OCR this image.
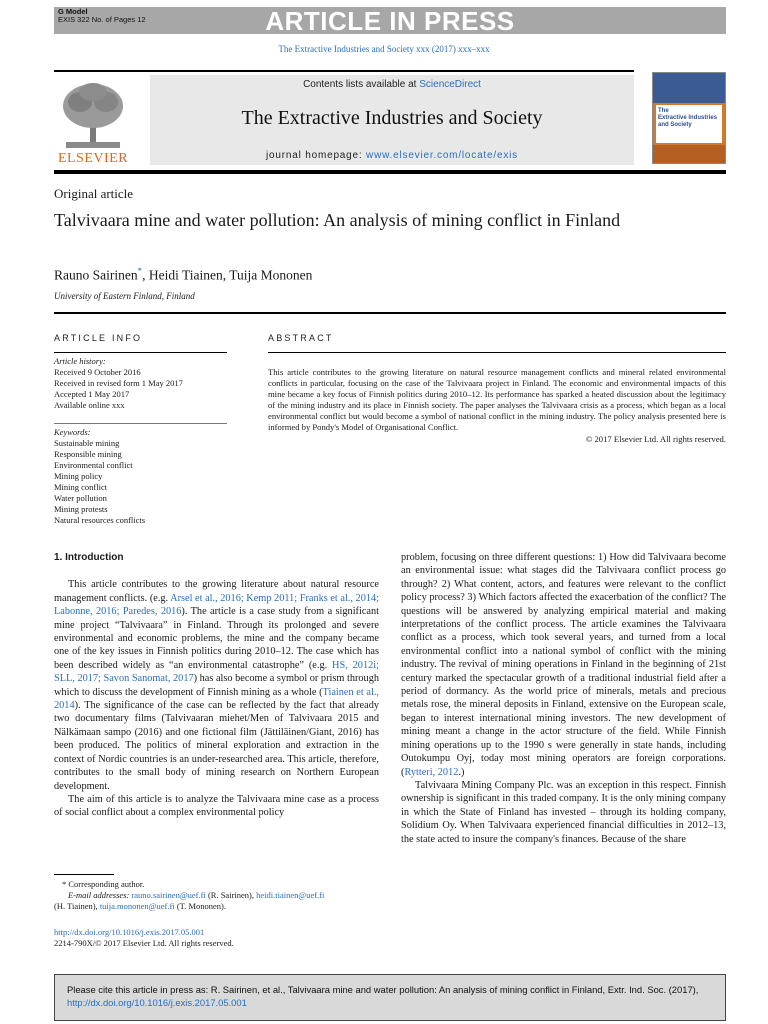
G Model
EXIS 322 No. of Pages 12	ARTICLE IN PRESS
The Extractive Industries and Society xxx (2017) xxx–xxx
ELSEVIER
Contents lists available at ScienceDirect
The Extractive Industries and Society
journal homepage: www.elsevier.com/locate/exis
The
Extractive Industries
and Society
Original article
Talvivaara mine and water pollution: An analysis of mining conflict in Finland
Rauno Sairinen*, Heidi Tiainen, Tuija Mononen
University of Eastern Finland, Finland
ARTICLE INFO
Article history:
Received 9 October 2016
Received in revised form 1 May 2017
Accepted 1 May 2017
Available online xxx
Keywords:
Sustainable mining
Responsible mining
Environmental conflict
Mining policy
Mining conflict
Water pollution
Mining protests
Natural resources conflicts
ABSTRACT
This article contributes to the growing literature on natural resource management conflicts and mineral related environmental conflicts in particular, focusing on the case of the Talvivaara project in Finland. The economic and environmental impacts of this mine became a key focus of Finnish politics during 2010–12. Its performance has sparked a heated discussion about the legitimacy of the mining industry and its place in Finnish society. The paper analyses the Talvivaara crisis as a process, which began as a local environmental conflict but would become a symbol of national conflict in the mining industry. The policy analysis presented here is informed by Pondy's Model of Organisational Conflict.
© 2017 Elsevier Ltd. All rights reserved.

1. Introduction

This article contributes to the growing literature about natural resource management conflicts. (e.g. Arsel et al., 2016; Kemp 2011; Franks et al., 2014; Labonne, 2016; Paredes, 2016). The article is a case study from a significant mine project “Talvivaara” in Finland. Through its prolonged and severe environmental and economic problems, the mine and the company became one of the key issues in Finnish politics during 2010–12. The case which has been described widely as “an environmental catastrophe” (e.g. HS, 2012i; SLL, 2017; Savon Sanomat, 2017) has also become a symbol or prism through which to discuss the development of Finnish mining as a whole (Tiainen et al., 2014). The significance of the case can be reflected by the fact that already two documentary films (Talvivaaran miehet/Men of Talvivaara 2015 and Nälkämaan sampo (2016) and one fictional film (Jättiläinen/Giant, 2016) has been produced. The politics of mineral exploration and extraction in the context of Nordic countries is an under-researched area. This article, therefore, contributes to the small body of mining research on Northern European development.

The aim of this article is to analyze the Talvivaara mine case as a process of social conflict about a complex environmental policy

problem, focusing on three different questions: 1) How did Talvivaara become an environmental issue: what stages did the Talvivaara conflict process go through? 2) What content, actors, and features were relevant to the conflict policy process? 3) Which factors affected the exacerbation of the conflict? The questions will be answered by analyzing empirical material and making interpretations of the conflict process. The article examines the Talvivaara conflict as a process, which took several years, and turned from a local environmental conflict into a national symbol of conflict with the mining industry. The revival of mining operations in Finland in the beginning of 21st century marked the spectacular growth of a traditional industrial field after a period of dormancy. As the world price of minerals, metals and precious metals rose, the mineral deposits in Finland, extensive on the European scale, began to interest international mining investors. The new development of mining meant a change in the actor structure of the field. While Finnish mining operations up to the 1990 s were generally in state hands, including Outokumpu Oyj, today most mining operators are foreign corporations. (Rytteri, 2012.)

Talvivaara Mining Company Plc. was an exception in this respect. Finnish ownership is significant in this traded company. It is the only mining company in which the State of Finland has invested – through its holding company, Solidium Oy. When Talvivaara experienced financial difficulties in 2012–13, the state acted to insure the company's finances. Because of the share

* Corresponding author.
E-mail addresses: rauno.sairinen@uef.fi (R. Sairinen), heidi.tiainen@uef.fi
(H. Tiainen), tuija.mononen@uef.fi (T. Mononen).
http://dx.doi.org/10.1016/j.exis.2017.05.001
2214-790X/© 2017 Elsevier Ltd. All rights reserved.
Please cite this article in press as: R. Sairinen, et al., Talvivaara mine and water pollution: An analysis of mining conflict in Finland, Extr. Ind. Soc. (2017), http://dx.doi.org/10.1016/j.exis.2017.05.001
